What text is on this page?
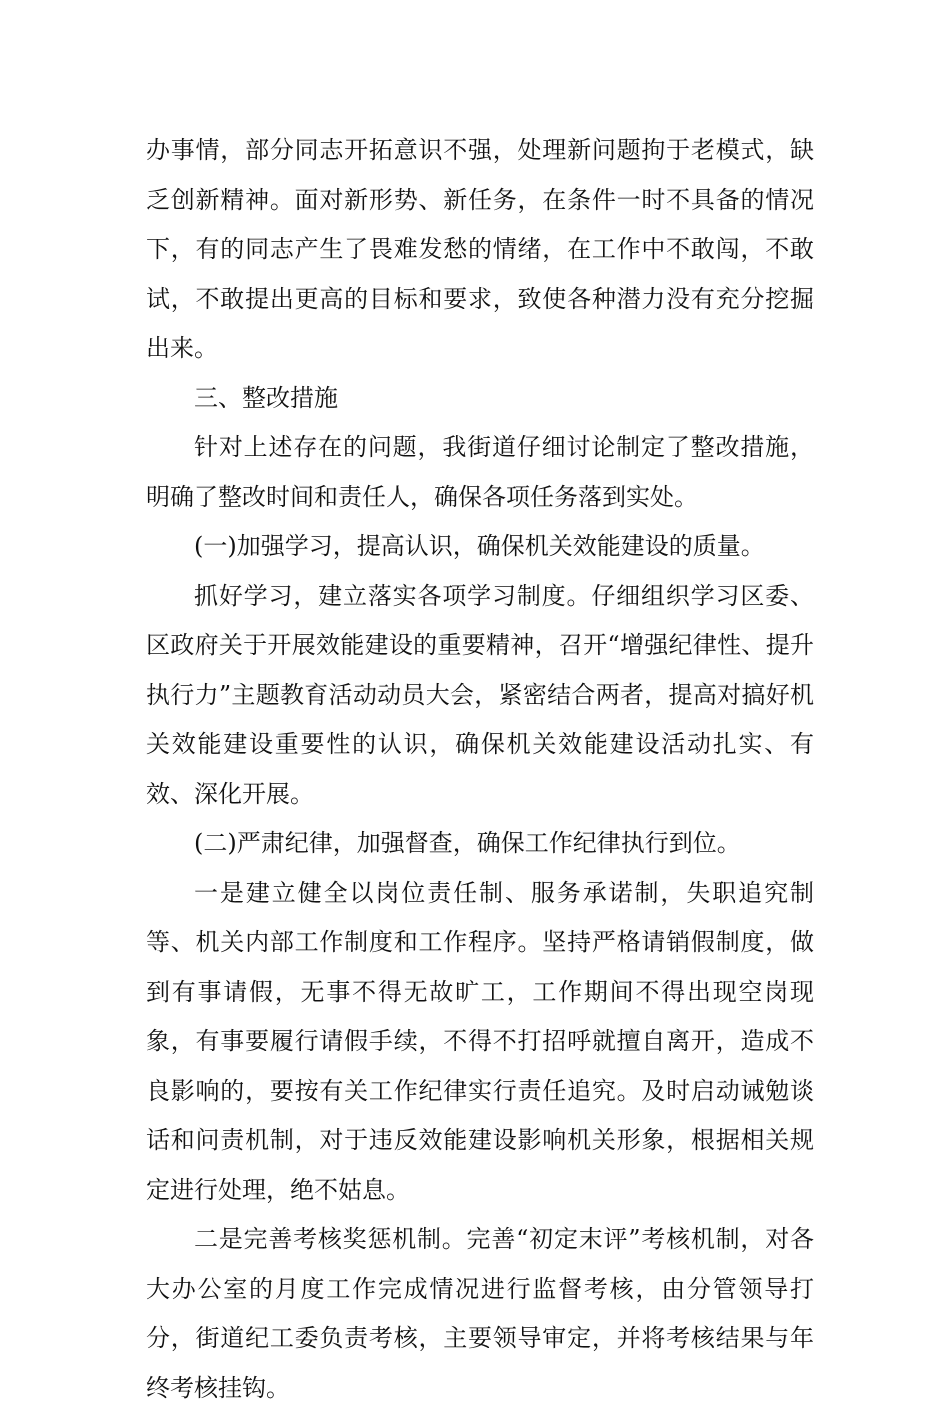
办事情，部分同志开拓意识不强，处理新问题拘于老模式，缺乏创新精神。面对新形势、新任务，在条件一时不具备的情况下，有的同志产生了畏难发愁的情绪，在工作中不敢闯，不敢试，不敢提出更高的目标和要求，致使各种潜力没有充分挖掘出来。

三、整改措施

针对上述存在的问题，我街道仔细讨论制定了整改措施，明确了整改时间和责任人，确保各项任务落到实处。

(一)加强学习，提高认识，确保机关效能建设的质量。

抓好学习，建立落实各项学习制度。仔细组织学习区委、区政府关于开展效能建设的重要精神，召开“增强纪律性、提升执行力”主题教育活动动员大会，紧密结合两者，提高对搞好机关效能建设重要性的认识，确保机关效能建设活动扎实、有效、深化开展。

(二)严肃纪律，加强督查，确保工作纪律执行到位。

一是建立健全以岗位责任制、服务承诺制，失职追究制等、机关内部工作制度和工作程序。坚持严格请销假制度，做到有事请假，无事不得无故旷工，工作期间不得出现空岗现象，有事要履行请假手续，不得不打招呼就擅自离开，造成不良影响的，要按有关工作纪律实行责任追究。及时启动诫勉谈话和问责机制，对于违反效能建设影响机关形象，根据相关规定进行处理，绝不姑息。

二是完善考核奖惩机制。完善“初定末评”考核机制，对各大办公室的月度工作完成情况进行监督考核，由分管领导打分，街道纪工委负责考核，主要领导审定，并将考核结果与年终考核挂钩。
